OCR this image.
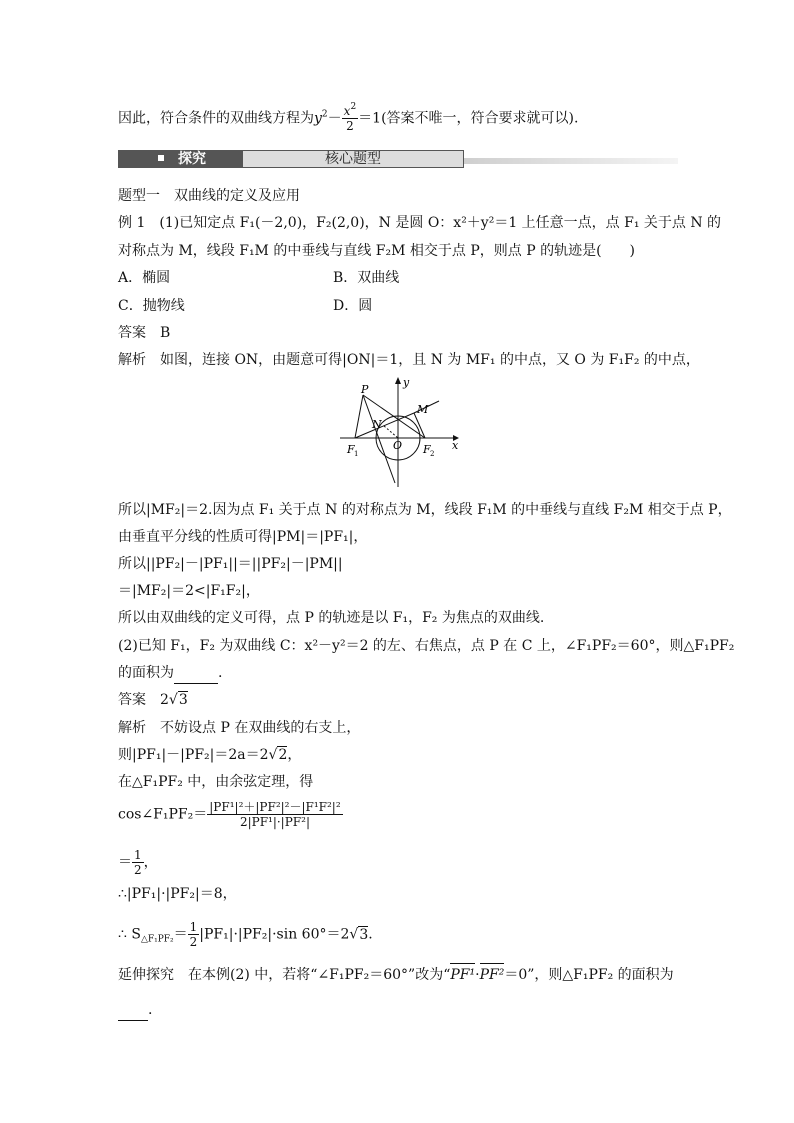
因此，符合条件的双曲线方程为$y^2- \frac{x^2}{2} =1$(答案不唯一，符合要求就可以).
探究	核心题型
题型一　双曲线的定义及应用
例 1　 (1)已知定点 F₁(－2,0)，F₂(2,0)，N 是圆 O：x²＋y²＝1 上任意一点，点 F₁ 关于点 N 的
对称点为 M，线段 F₁M 的中垂线与直线 F₂M 相交于点 P，则点 P 的轨迹是(　　)
A．椭圆	B．双曲线
C．抛物线	D．圆
答案　 B
解析　 如图，连接 ON，由题意可得|ON|＝1，且 N 为 MF₁ 的中点，又 O 为 F₁F₂ 的中点，
P
M
N
O
y
x
F 1	F 2
所以|MF₂|＝2.因为点 F₁ 关于点 N 的对称点为 M，线段 F₁M 的中垂线与直线 F₂M 相交于点 P，
由垂直平分线的性质可得|PM|＝|PF₁|，
所以||PF₂|－|PF₁||＝||PF₂|－|PM||
＝|MF₂|＝2<|F₁F₂|，
所以由双曲线的定义可得，点 P 的轨迹是以 F₁，F₂ 为焦点的双曲线.
(2)已知 F₁，F₂ 为双曲线 C：x²－y²＝2 的左、右焦点，点 P 在 C 上，∠F₁PF₂＝60°，则△F₁PF₂
的面积为	.
答案　 2√3
解析　 不妨设点 P 在双曲线的右支上，
则|PF₁|－|PF₂|＝2a＝2√2，
在△F₁PF₂ 中，由余弦定理，得
cos∠F₁PF₂＝ $\frac{\text{|PF¹|²＋|PF²|²－|F¹F²|²}}{\text{2|PF¹|·|PF²|}}$
＝ $\frac{1}{2}$ ，
∴|PF₁|·|PF₂|＝8，
∴ $S_{\triangle F_1PF_2}= \frac{1}{2} |PF_1|\cdot|PF_2|\cdot\sin$ 60°＝2√3.
延伸探究　 在本例(2) 中，若将“∠F₁PF₂＝60°”改为“PF¹·PF²＝0”，则△F₁PF₂ 的面积为
.
